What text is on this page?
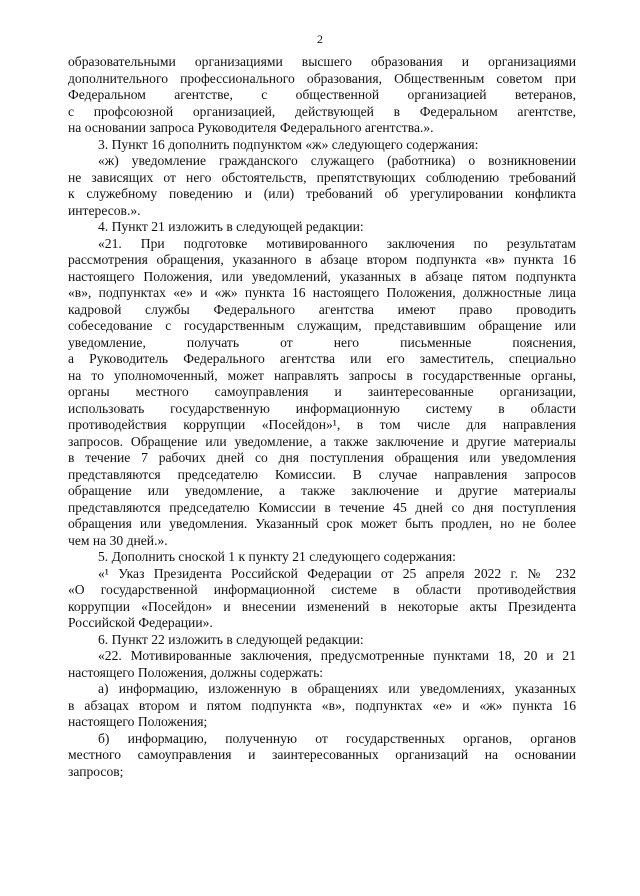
2
образовательными организациями высшего образования и организациями
дополнительного профессионального образования, Общественным советом при
Федеральном агентстве, с общественной организацией ветеранов,
с профсоюзной организацией, действующей в Федеральном агентстве,
на основании запроса Руководителя Федерального агентства.».
3. Пункт 16 дополнить подпунктом «ж» следующего содержания:
«ж) уведомление гражданского служащего (работника) о возникновении
не зависящих от него обстоятельств, препятствующих соблюдению требований
к служебному поведению и (или) требований об урегулировании конфликта
интересов.».
4. Пункт 21 изложить в следующей редакции:
«21. При подготовке мотивированного заключения по результатам
рассмотрения обращения, указанного в абзаце втором подпункта «в» пункта 16
настоящего Положения, или уведомлений, указанных в абзаце пятом подпункта
«в», подпунктах «е» и «ж» пункта 16 настоящего Положения, должностные лица
кадровой службы Федерального агентства имеют право проводить
собеседование с государственным служащим, представившим обращение или
уведомление, получать от него письменные пояснения,
а Руководитель Федерального агентства или его заместитель, специально
на то уполномоченный, может направлять запросы в государственные органы,
органы местного самоуправления и заинтересованные организации,
использовать государственную информационную систему в области
противодействия коррупции «Посейдон»¹, в том числе для направления
запросов. Обращение или уведомление, а также заключение и другие материалы
в течение 7 рабочих дней со дня поступления обращения или уведомления
представляются председателю Комиссии. В случае направления запросов
обращение или уведомление, а также заключение и другие материалы
представляются председателю Комиссии в течение 45 дней со дня поступления
обращения или уведомления. Указанный срок может быть продлен, но не более
чем на 30 дней.».
5. Дополнить сноской 1 к пункту 21 следующего содержания:
«¹ Указ Президента Российской Федерации от 25 апреля 2022 г. № 232
«О государственной информационной системе в области противодействия
коррупции «Посейдон» и внесении изменений в некоторые акты Президента
Российской Федерации».
6. Пункт 22 изложить в следующей редакции:
«22. Мотивированные заключения, предусмотренные пунктами 18, 20 и 21
настоящего Положения, должны содержать:
а) информацию, изложенную в обращениях или уведомлениях, указанных
в абзацах втором и пятом подпункта «в», подпунктах «е» и «ж» пункта 16
настоящего Положения;
б) информацию, полученную от государственных органов, органов
местного самоуправления и заинтересованных организаций на основании
запросов;
